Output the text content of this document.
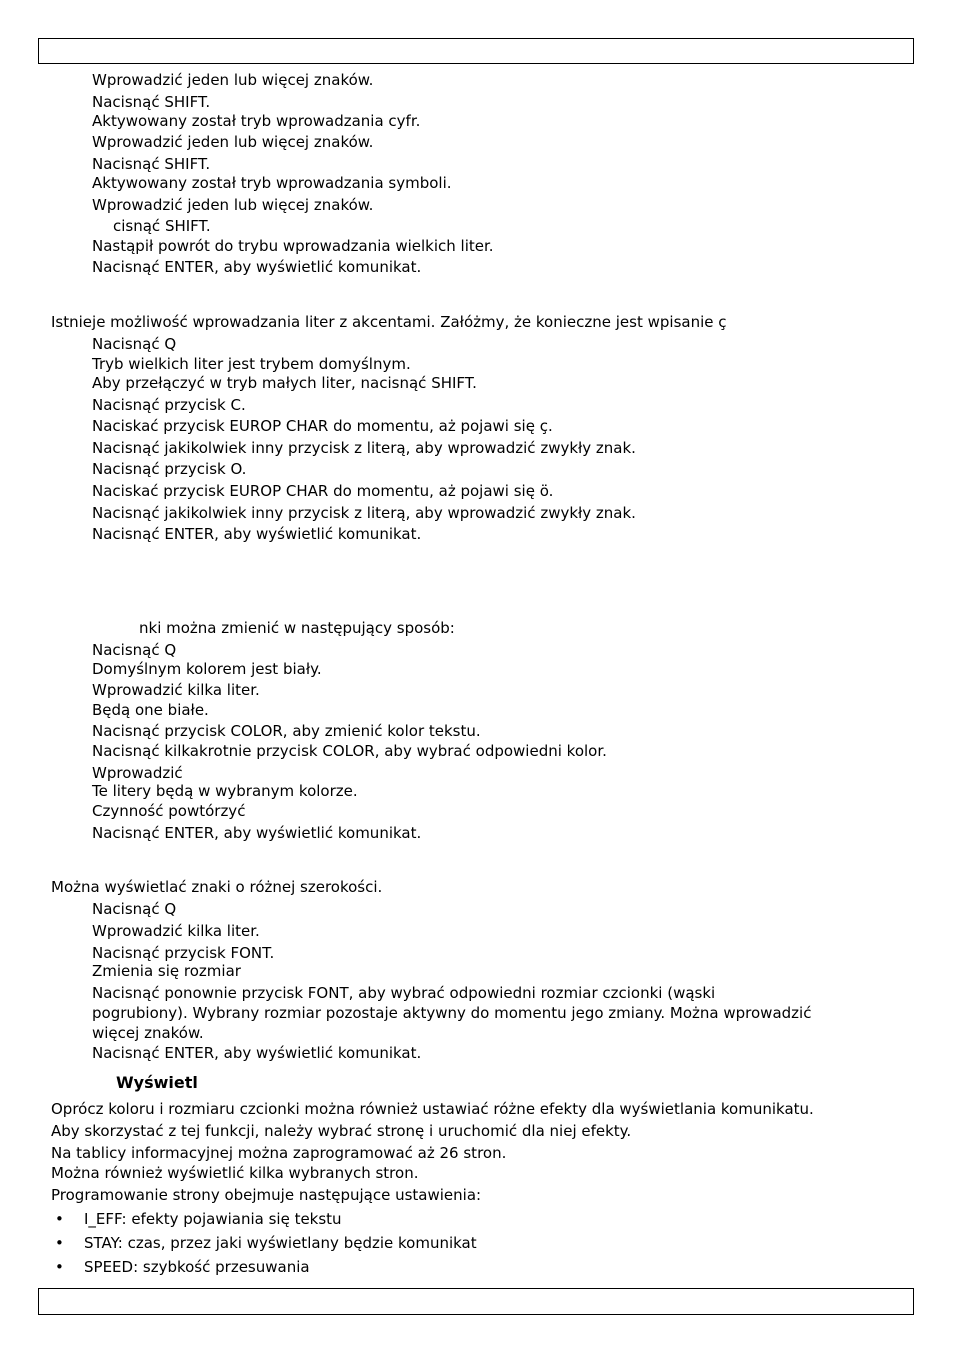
Wprowadzić jeden lub więcej znaków.
Nacisnąć SHIFT.
Aktywowany został tryb wprowadzania cyfr.
Wprowadzić jeden lub więcej znaków.
Nacisnąć SHIFT.
Aktywowany został tryb wprowadzania symboli.
Wprowadzić jeden lub więcej znaków.
cisnąć SHIFT.
Nastąpił powrót do trybu wprowadzania wielkich liter.
Nacisnąć ENTER, aby wyświetlić komunikat.
Istnieje możliwość wprowadzania liter z akcentami. Załóżmy, że konieczne jest wpisanie ç
Nacisnąć Q
Tryb wielkich liter jest trybem domyślnym.
Aby przełączyć w tryb małych liter, nacisnąć SHIFT.
Nacisnąć przycisk C.
Naciskać przycisk EUROP CHAR do momentu, aż pojawi się ç.
Nacisnąć jakikolwiek inny przycisk z literą, aby wprowadzić zwykły znak.
Nacisnąć przycisk O.
Naciskać przycisk EUROP CHAR do momentu, aż pojawi się ö.
Nacisnąć jakikolwiek inny przycisk z literą, aby wprowadzić zwykły znak.
Nacisnąć ENTER, aby wyświetlić komunikat.
nki można zmienić w następujący sposób:
Nacisnąć Q
Domyślnym kolorem jest biały.
Wprowadzić kilka liter.
Będą one białe.
Nacisnąć przycisk COLOR, aby zmienić kolor tekstu.
Nacisnąć kilkakrotnie przycisk COLOR, aby wybrać odpowiedni kolor.
Wprowadzić
Te litery będą w wybranym kolorze.
Czynność powtórzyć
Nacisnąć ENTER, aby wyświetlić komunikat.
Można wyświetlać znaki o różnej szerokości.
Nacisnąć Q
Wprowadzić kilka liter.
Nacisnąć przycisk FONT.
Zmienia się rozmiar
Nacisnąć ponownie przycisk FONT, aby wybrać odpowiedni rozmiar czcionki (wąski
pogrubiony). Wybrany rozmiar pozostaje aktywny do momentu jego zmiany. Można wprowadzić
więcej znaków.
Nacisnąć ENTER, aby wyświetlić komunikat.
Wyświetl
Oprócz koloru i rozmiaru czcionki można również ustawiać różne efekty dla wyświetlania komunikatu.
Aby skorzystać z tej funkcji, należy wybrać stronę i uruchomić dla niej efekty.
Na tablicy informacyjnej można zaprogramować aż 26 stron.
Można również wyświetlić kilka wybranych stron.
Programowanie strony obejmuje następujące ustawienia:
• I_EFF: efekty pojawiania się tekstu
• STAY: czas, przez jaki wyświetlany będzie komunikat
• SPEED: szybkość przesuwania
